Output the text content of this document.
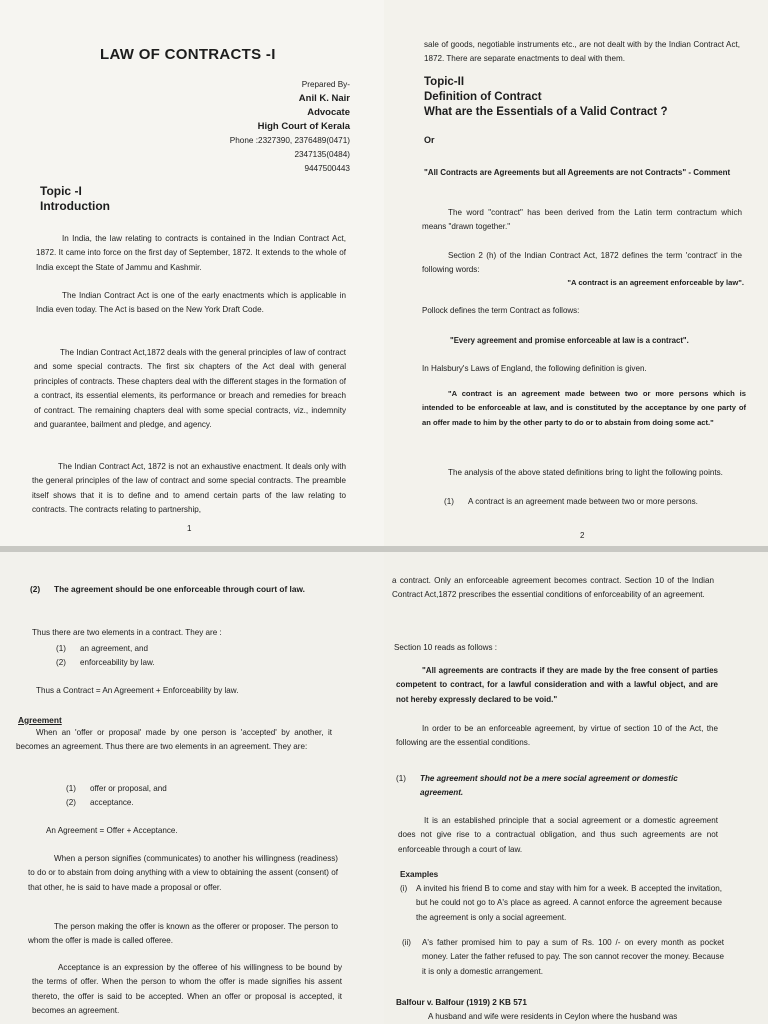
LAW OF CONTRACTS -I
Prepared By-
Anil K. Nair
Advocate
High Court of Kerala
Phone :2327390, 2376489(0471)
2347135(0484)
9447500443
Topic -I
Introduction

In India, the law relating to contracts is contained in the Indian Contract Act, 1872. It came into force on the first day of September, 1872. It extends to the whole of India except the State of Jammu and Kashmir.

The Indian Contract Act is one of the early enactments which is applicable in India even today. The Act is based on the New York Draft Code.

The Indian Contract Act,1872 deals with the general principles of law of contract and some special contracts. The first six chapters of the Act deal with general principles of contracts. These chapters deal with the different stages in the formation of a contract, its essential elements, its performance or breach and remedies for breach of contract. The remaining chapters deal with some special contracts, viz., indemnity and guarantee, bailment and pledge, and agency.

The Indian Contract Act, 1872 is not an exhaustive enactment. It deals only with the general principles of the law of contract and some special contracts. The preamble itself shows that it is to define and to amend certain parts of the law relating to contracts. The contracts relating to partnership,

1

sale of goods, negotiable instruments etc., are not dealt with by the Indian Contract Act, 1872. There are separate enactments to deal with them.

Topic-II
Definition of Contract
What are the Essentials of a Valid Contract ?
Or

"All Contracts are Agreements but all Agreements are not Contracts" - Comment

The word "contract" has been derived from the Latin term contractum which means "drawn together."

Section 2 (h) of the Indian Contract Act, 1872 defines the term 'contract' in the following words:

"A contract is an agreement enforceable by law".

Pollock defines the term Contract as follows:

"Every agreement and promise enforceable at law is a contract".

In Halsbury's Laws of England, the following definition is given.

"A contract is an agreement made between two or more persons which is intended to be enforceable at law, and is constituted by the acceptance by one party of an offer made to him by the other party to do or to abstain from doing some act."

The analysis of the above stated definitions bring to light the following points.

(1)	A contract is an agreement made between two or more persons.
2
(2)	The agreement should be one enforceable through court of law.

Thus there are two elements in a contract. They are :

(1)	an agreement, and
(2)	enforceability by law.

Thus a Contract = An Agreement + Enforceability by law.

Agreement

When an 'offer or proposal' made by one person is 'accepted' by another, it becomes an agreement. Thus there are two elements in an agreement. They are:

(1)	offer or proposal, and
(2)	acceptance.

An Agreement = Offer + Acceptance.

When a person signifies (communicates) to another his willingness (readiness) to do or to abstain from doing anything with a view to obtaining the assent (consent) of that other, he is said to have made a proposal or offer.

The person making the offer is known as the offerer or proposer. The person to whom the offer is made is called offeree.

Acceptance is an expression by the offeree of his willingness to be bound by the terms of offer. When the person to whom the offer is made signifies his assent thereto, the offer is said to be accepted. When an offer or proposal is accepted, it becomes an agreement.

a contract. Only an enforceable agreement becomes contract. Section 10 of the Indian Contract Act,1872 prescribes the essential conditions of enforceability of an agreement.

Section 10 reads as follows :

"All agreements are contracts if they are made by the free consent of parties competent to contract, for a lawful consideration and with a lawful object, and are not hereby expressly declared to be void."

In order to be an enforceable agreement, by virtue of section 10 of the Act, the following are the essential conditions.

(1)	The agreement should not be a mere social agreement or domestic agreement.

It is an established principle that a social agreement or a domestic agreement does not give rise to a contractual obligation, and thus such agreements are not enforceable through a court of law.

Examples
(i)	A invited his friend B to come and stay with him for a week. B accepted the invitation, but he could not go to A's place as agreed. A cannot enforce the agreement because the agreement is only a social agreement.
(ii)	A's father promised him to pay a sum of Rs. 100 /- on every month as pocket money. Later the father refused to pay. The son cannot recover the money. Because it is only a domestic arrangement.
Balfour v. Balfour (1919) 2 KB 571

A husband and wife were residents in Ceylon where the husband was
